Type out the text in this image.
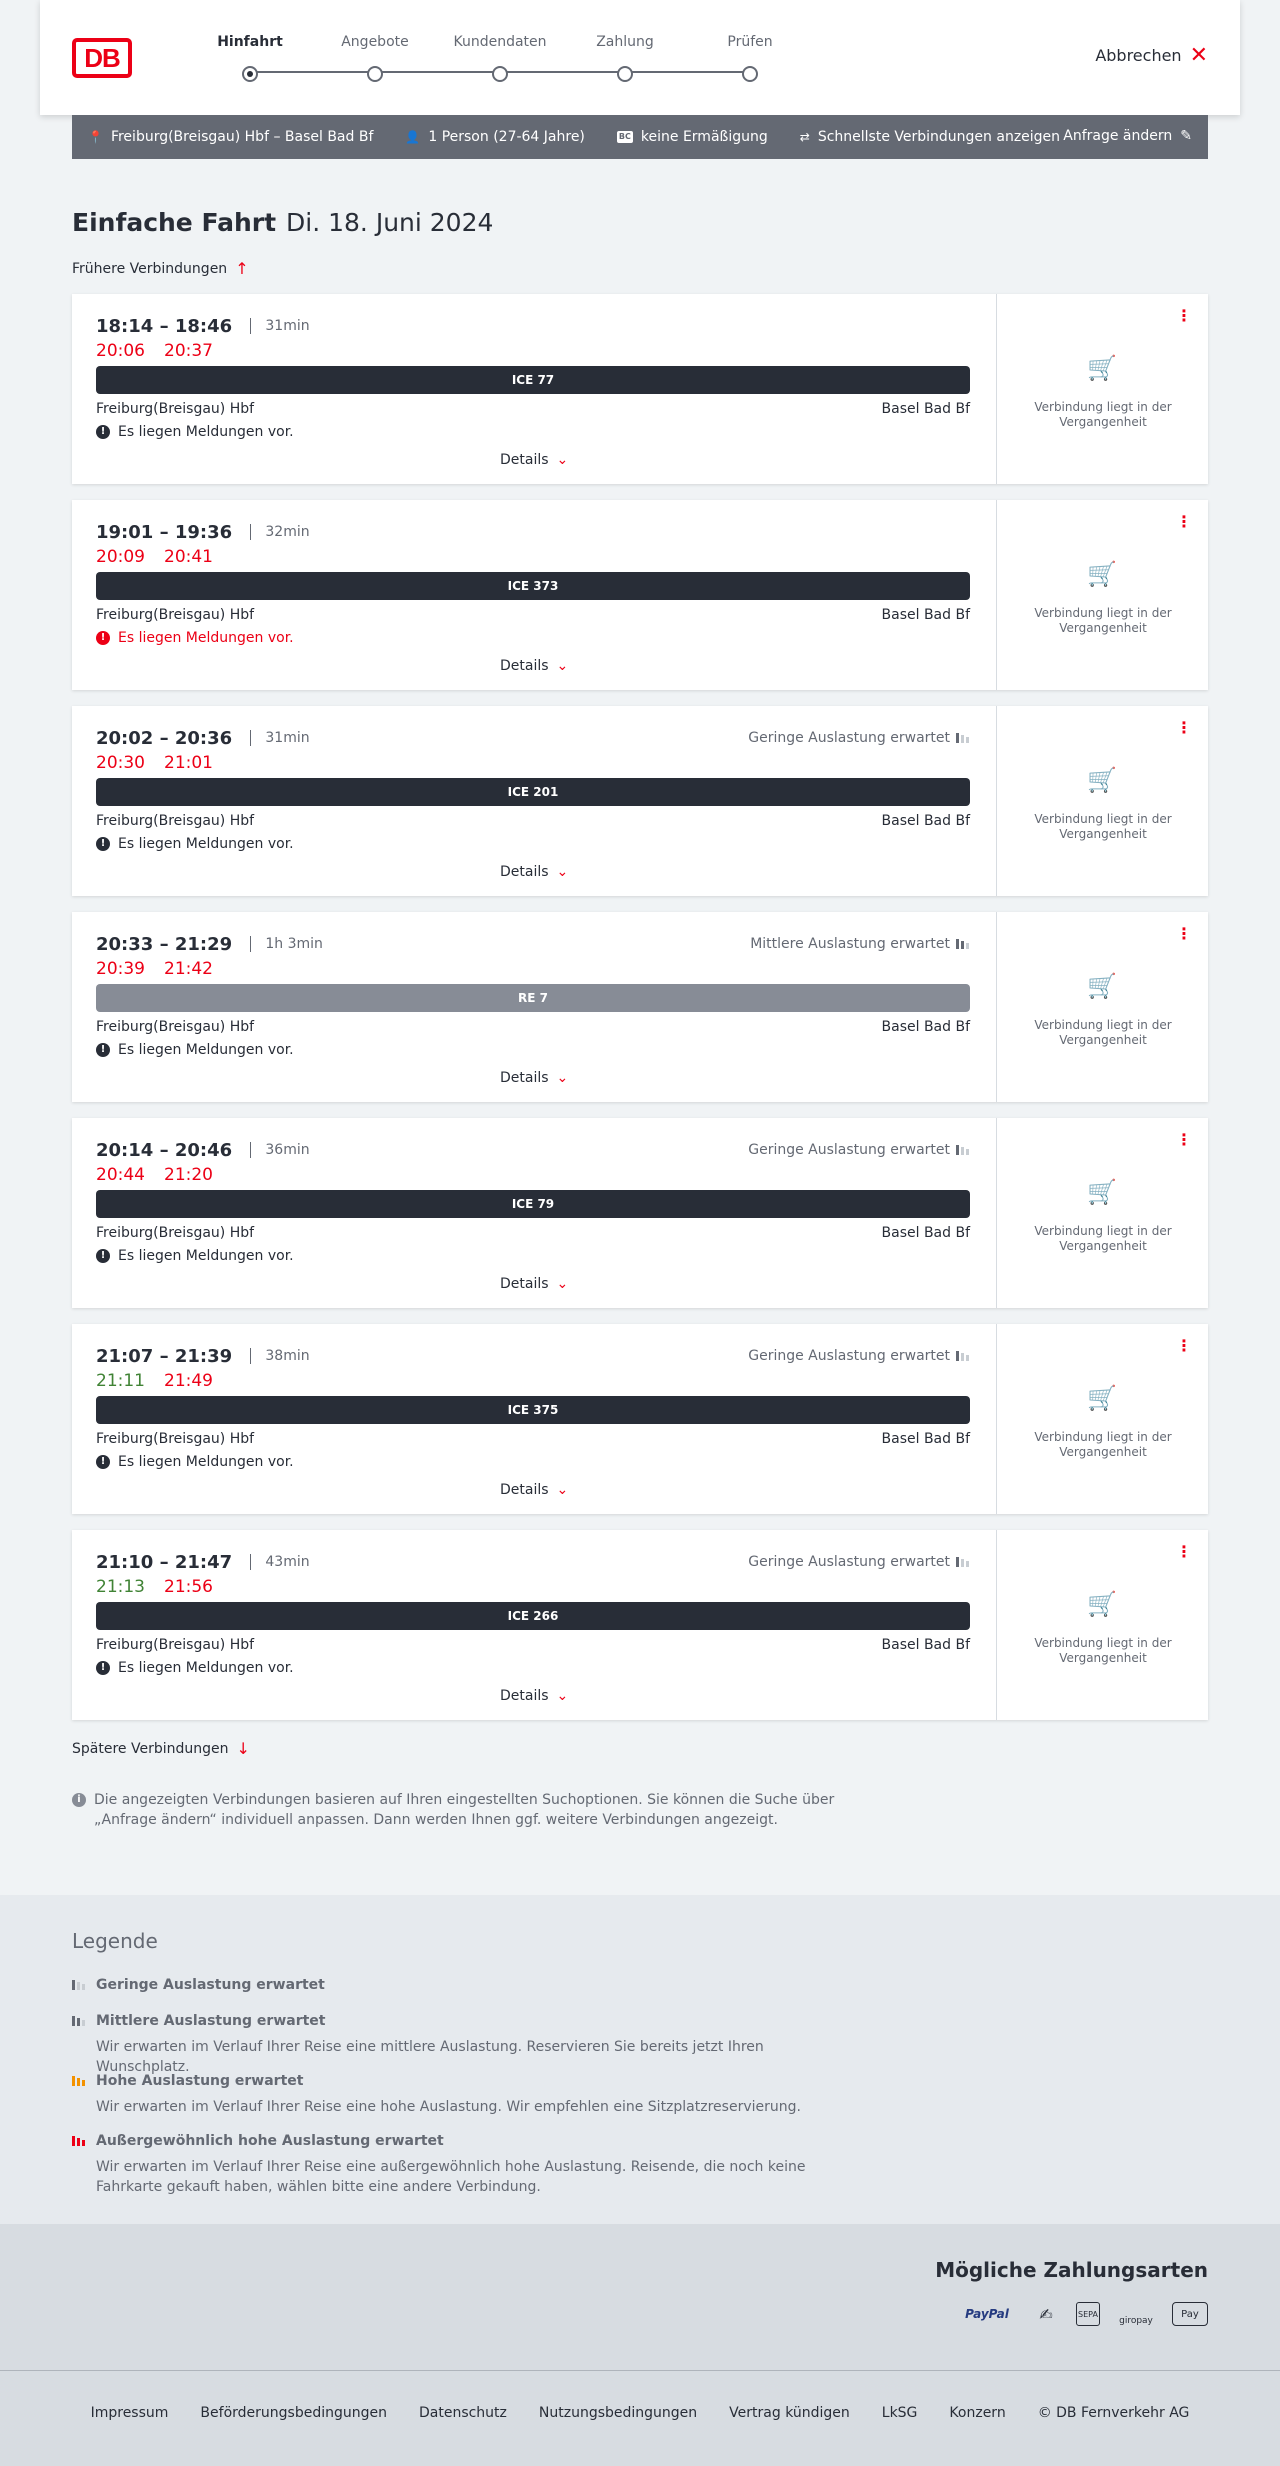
DB
Hinfahrt	Angebote	Kundendaten	Zahlung	Prüfen
Abbrechen ✕
📍 Freiburg(Breisgau) Hbf – Basel Bad Bf	👤 1 Person (27-64 Jahre)	BC keine Ermäßigung	⇄ Schnellste Verbindungen anzeigen Anfrage ändern ✎
Einfache Fahrt Di. 18. Juni 2024
Frühere Verbindungen ↑
18:14 – 18:46	31min
20:06 20:37
ICE 77
Freiburg(Breisgau) Hbf	Basel Bad Bf
! Es liegen Meldungen vor.
Details ⌄
⋮
🛒
Verbindung liegt in der Vergangenheit
19:01 – 19:36	32min
20:09 20:41
ICE 373
Freiburg(Breisgau) Hbf	Basel Bad Bf
! Es liegen Meldungen vor.
Details ⌄
⋮
🛒
Verbindung liegt in der Vergangenheit
20:02 – 20:36	31min
20:30 21:01
Geringe Auslastung erwartet
ICE 201
Freiburg(Breisgau) Hbf	Basel Bad Bf
! Es liegen Meldungen vor.
Details ⌄
⋮
🛒
Verbindung liegt in der Vergangenheit
20:33 – 21:29	1h 3min
20:39 21:42
Mittlere Auslastung erwartet
RE 7
Freiburg(Breisgau) Hbf	Basel Bad Bf
! Es liegen Meldungen vor.
Details ⌄
⋮
🛒
Verbindung liegt in der Vergangenheit
20:14 – 20:46	36min
20:44 21:20
Geringe Auslastung erwartet
ICE 79
Freiburg(Breisgau) Hbf	Basel Bad Bf
! Es liegen Meldungen vor.
Details ⌄
⋮
🛒
Verbindung liegt in der Vergangenheit
21:07 – 21:39	38min
21:11 21:49
Geringe Auslastung erwartet
ICE 375
Freiburg(Breisgau) Hbf	Basel Bad Bf
! Es liegen Meldungen vor.
Details ⌄
⋮
🛒
Verbindung liegt in der Vergangenheit
21:10 – 21:47	43min
21:13 21:56
Geringe Auslastung erwartet
ICE 266
Freiburg(Breisgau) Hbf	Basel Bad Bf
! Es liegen Meldungen vor.
Details ⌄
⋮
🛒
Verbindung liegt in der Vergangenheit
Spätere Verbindungen ↓
i Die angezeigten Verbindungen basieren auf Ihren eingestellten Suchoptionen. Sie können die Suche über „Anfrage ändern“ individuell anpassen. Dann werden Ihnen ggf. weitere Verbindungen angezeigt.
Legende
Geringe Auslastung erwartet
Mittlere Auslastung erwartet
Wir erwarten im Verlauf Ihrer Reise eine mittlere Auslastung. Reservieren Sie bereits jetzt Ihren Wunschplatz.
Hohe Auslastung erwartet
Wir erwarten im Verlauf Ihrer Reise eine hohe Auslastung. Wir empfehlen eine Sitzplatzreservierung.
Außergewöhnlich hohe Auslastung erwartet
Wir erwarten im Verlauf Ihrer Reise eine außergewöhnlich hohe Auslastung. Reisende, die noch keine Fahrkarte gekauft haben, wählen bitte eine andere Verbindung.
Mögliche Zahlungsarten
PayPal	✍	SEPA
giropay
Pay
Impressum Beförderungsbedingungen Datenschutz Nutzungsbedingungen Vertrag kündigen LkSG Konzern © DB Fernverkehr AG
